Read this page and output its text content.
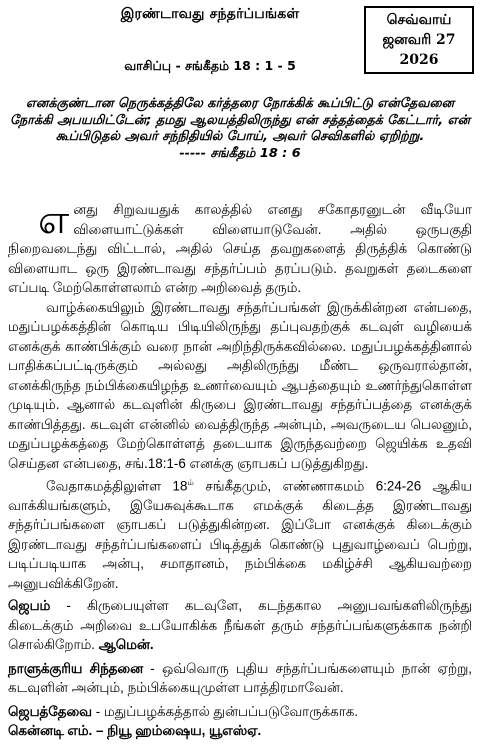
இரண்டாவது சந்தர்ப்பங்கள்
வாசிப்பு - சங்கீதம் 18 : 1 - 5
செவ்வாய்
ஜனவரி 27
2026
எனக்குண்டான நெருக்கத்திலே கர்த்தரை நோக்கிக் கூப்பிட்டு என்தேவனை நோக்கி அபயமிட்டேன்; தமது ஆலயத்திலிருந்து என் சத்தத்தைக் கேட்டார், என் கூப்பிடுதல் அவர் சந்நிதியில் போய், அவர் செவிகளில் ஏறிற்று.
----- சங்கீதம் 18 : 6

எனது சிறுவயதுக் காலத்தில் எனது சகோதரனுடன் வீடியோ விளையாட்டுக்கள் விளையாடுவேன். அதில் ஒருபகுதி நிறைவடைந்து விட்டால், அதில் செய்த தவறுகளைத் திருத்திக் கொண்டு விளையாட ஒரு இரண்டாவது சந்தர்ப்பம் தரப்படும். தவறுகள் தடைகளை எப்படி மேற்கொள்ளலாம் என்ற அறிவைத் தரும்.

வாழ்க்கையிலும் இரண்டாவது சந்தர்ப்பங்கள் இருக்கின்றன என்பதை, மதுப்பழக்கத்தின் கொடிய பிடியிலிருந்து தப்புவதற்குக் கடவுள் வழியைக் எனக்குக் காண்பிக்கும் வரை நான் அறிந்திருக்கவில்லை. மதுப்பழக்கத்தினால் பாதிக்கப்பட்டிருக்கும் அல்லது அதிலிருந்து மீண்ட ஒருவரால்தான், எனக்கிருந்த நம்பிக்கையிழந்த உணர்வையும் ஆபத்தையும் உணர்ந்துகொள்ள முடியும். ஆனால் கடவுளின் கிருபை இரண்டாவது சந்தர்ப்பத்தை எனக்குக் காண்பித்தது. கடவுள் என்னில் வைத்திருந்த அன்பும், அவருடைய பெலனும், மதுப்பழக்கத்தை மேற்கொள்ளத் தடையாக இருந்தவற்றை ஜெயிக்க உதவி செய்தன என்பதை, சங்.18:1-6 எனக்கு ஞாபகப் படுத்துகிறது.

வேதாகமத்திலுள்ள $18^{ம்}$ சங்கீதமும், எண்ணாகமம் 6:24-26 ஆகிய வாக்கியங்களும், இயேசுவுக்கூடாக எமக்குக் கிடைத்த இரண்டாவது சந்தர்ப்பங்களை ஞாபகப் படுத்துகின்றன. இப்போ எனக்குக் கிடைக்கும் இரண்டாவது சந்தர்ப்பங்களைப் பிடித்துக் கொண்டு புதுவாழ்வைப் பெற்று, படிப்படியாக அன்பு, சமாதானம், நம்பிக்கை மகிழ்ச்சி ஆகியவற்றை அனுபவிக்கிறேன்.

ஜெபம் - கிருபையுள்ள கடவுளே, கடந்தகால அனுபவங்களிலிருந்து கிடைக்கும் அறிவை உபயோகிக்க நீங்கள் தரும் சந்தர்ப்பங்களுக்காக நன்றி சொல்கிறோம். ஆமென்.

நாளுக்குரிய சிந்தனை - ஒவ்வொரு புதிய சந்தர்ப்பங்களையும் நான் ஏற்று, கடவுளின் அன்பும், நம்பிக்கையுமுள்ள பாத்திரமாவேன்.

ஜெபத்தேவை - மதுப்பழக்கத்தால் துன்பப்படுவோருக்காக.

கென்னடி எம். – நியூ ஹம்ஷைய, யூஎஸ்ஏ.
